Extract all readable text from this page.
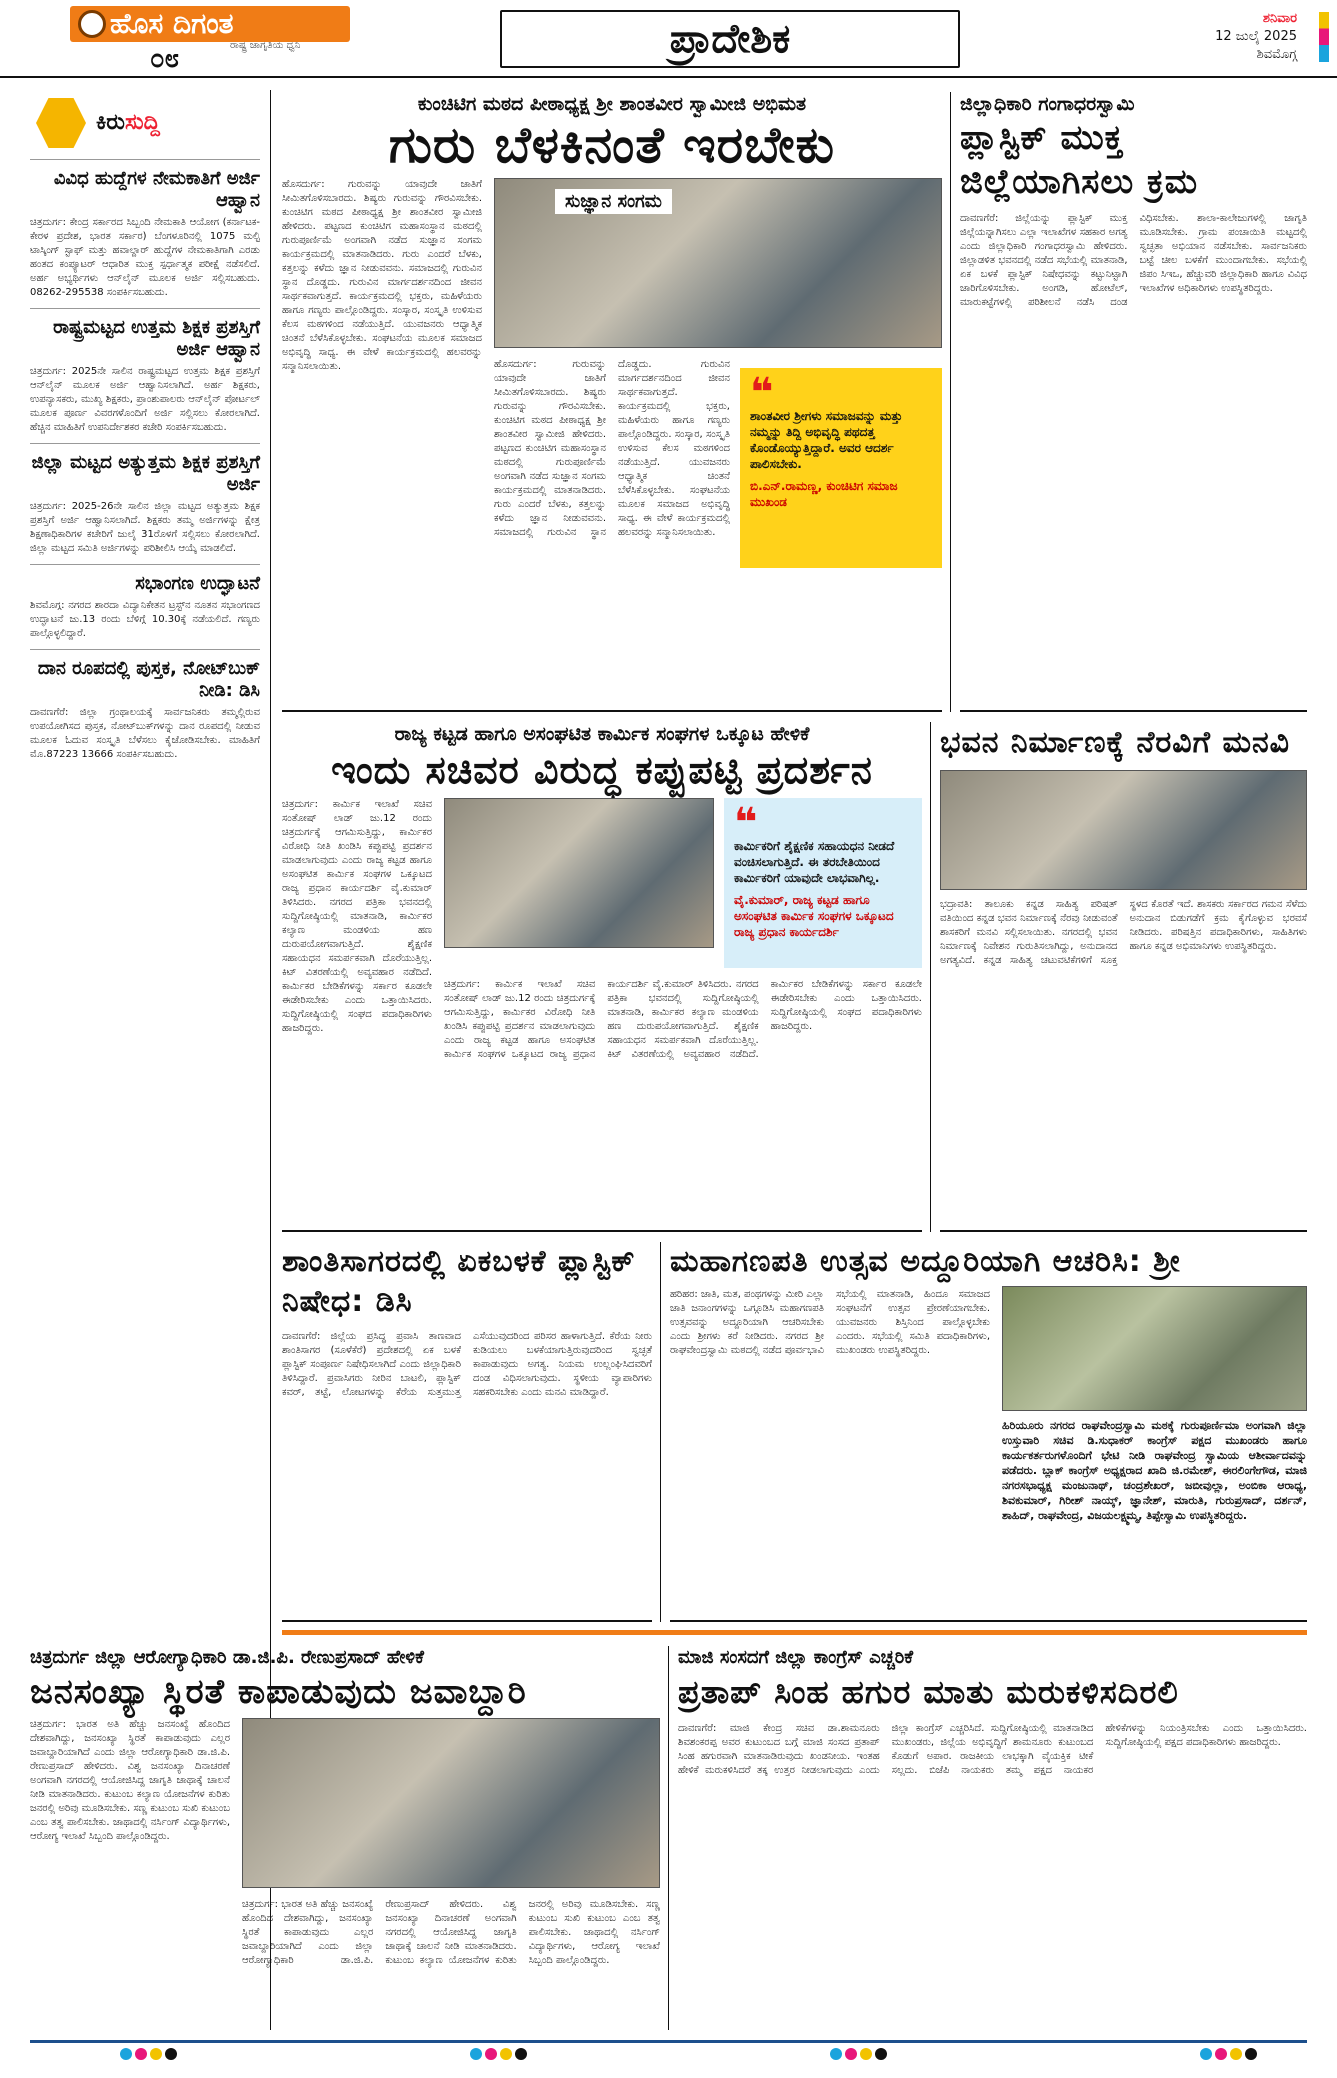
ಹೊಸ ದಿಗಂತ
ರಾಷ್ಟ್ರ ಜಾಗೃತಿಯ ಧ್ವನಿ
೦೮	ಪ್ರಾದೇಶಿಕ	ಶನಿವಾರ
12 ಜುಲೈ 2025
ಶಿವಮೊಗ್ಗ
ಕಿರುಸುದ್ದಿ
ವಿವಿಧ ಹುದ್ದೆಗಳ ನೇಮಕಾತಿಗೆ ಅರ್ಜಿ ಆಹ್ವಾನ

ಚಿತ್ರದುರ್ಗ: ಕೇಂದ್ರ ಸರ್ಕಾರದ ಸಿಬ್ಬಂದಿ ನೇಮಕಾತಿ ಆಯೋಗ (ಕರ್ನಾಟಕ-ಕೇರಳ ಪ್ರದೇಶ, ಭಾರತ ಸರ್ಕಾರ) ಬೆಂಗಳೂರಿನಲ್ಲಿ 1075 ಮಲ್ಟಿ ಟಾಸ್ಕಿಂಗ್ ಸ್ಟಾಫ್ ಮತ್ತು ಹವಾಲ್ದಾರ್ ಹುದ್ದೆಗಳ ನೇಮಕಾತಿಗಾಗಿ ಎರಡು ಹಂತದ ಕಂಪ್ಯೂಟರ್ ಆಧಾರಿತ ಮುಕ್ತ ಸ್ಪರ್ಧಾತ್ಮಕ ಪರೀಕ್ಷೆ ನಡೆಸಲಿದೆ. ಅರ್ಹ ಅಭ್ಯರ್ಥಿಗಳು ಆನ್‌ಲೈನ್ ಮೂಲಕ ಅರ್ಜಿ ಸಲ್ಲಿಸಬಹುದು. 08262-295538 ಸಂಪರ್ಕಿಸಬಹುದು.

ರಾಷ್ಟ್ರಮಟ್ಟದ ಉತ್ತಮ ಶಿಕ್ಷಕ ಪ್ರಶಸ್ತಿಗೆ ಅರ್ಜಿ ಆಹ್ವಾನ

ಚಿತ್ರದುರ್ಗ: 2025ನೇ ಸಾಲಿನ ರಾಷ್ಟ್ರಮಟ್ಟದ ಉತ್ತಮ ಶಿಕ್ಷಕ ಪ್ರಶಸ್ತಿಗೆ ಆನ್‌ಲೈನ್ ಮೂಲಕ ಅರ್ಜಿ ಆಹ್ವಾನಿಸಲಾಗಿದೆ. ಅರ್ಹ ಶಿಕ್ಷಕರು, ಉಪನ್ಯಾಸಕರು, ಮುಖ್ಯ ಶಿಕ್ಷಕರು, ಪ್ರಾಂಶುಪಾಲರು ಆನ್‌ಲೈನ್ ಪೋರ್ಟಲ್ ಮೂಲಕ ಪೂರ್ಣ ವಿವರಗಳೊಂದಿಗೆ ಅರ್ಜಿ ಸಲ್ಲಿಸಲು ಕೋರಲಾಗಿದೆ. ಹೆಚ್ಚಿನ ಮಾಹಿತಿಗೆ ಉಪನಿರ್ದೇಶಕರ ಕಚೇರಿ ಸಂಪರ್ಕಿಸಬಹುದು.

ಜಿಲ್ಲಾ ಮಟ್ಟದ ಅತ್ಯುತ್ತಮ ಶಿಕ್ಷಕ ಪ್ರಶಸ್ತಿಗೆ ಅರ್ಜಿ

ಚಿತ್ರದುರ್ಗ: 2025-26ನೇ ಸಾಲಿನ ಜಿಲ್ಲಾ ಮಟ್ಟದ ಅತ್ಯುತ್ತಮ ಶಿಕ್ಷಕ ಪ್ರಶಸ್ತಿಗೆ ಅರ್ಜಿ ಆಹ್ವಾನಿಸಲಾಗಿದೆ. ಶಿಕ್ಷಕರು ತಮ್ಮ ಅರ್ಜಿಗಳನ್ನು ಕ್ಷೇತ್ರ ಶಿಕ್ಷಣಾಧಿಕಾರಿಗಳ ಕಚೇರಿಗೆ ಜುಲೈ 31ರೊಳಗೆ ಸಲ್ಲಿಸಲು ಕೋರಲಾಗಿದೆ. ಜಿಲ್ಲಾ ಮಟ್ಟದ ಸಮಿತಿ ಅರ್ಜಿಗಳನ್ನು ಪರಿಶೀಲಿಸಿ ಆಯ್ಕೆ ಮಾಡಲಿದೆ.

ಸಭಾಂಗಣ ಉದ್ಘಾಟನೆ

ಶಿವಮೊಗ್ಗ: ನಗರದ ಶಾರದಾ ವಿದ್ಯಾನಿಕೇತನ ಟ್ರಸ್ಟ್‌ನ ನೂತನ ಸಭಾಂಗಣದ ಉದ್ಘಾಟನೆ ಜು.13 ರಂದು ಬೆಳಿಗ್ಗೆ 10.30ಕ್ಕೆ ನಡೆಯಲಿದೆ. ಗಣ್ಯರು ಪಾಲ್ಗೊಳ್ಳಲಿದ್ದಾರೆ.

ದಾನ ರೂಪದಲ್ಲಿ ಪುಸ್ತಕ, ನೋಟ್‌ಬುಕ್ ನೀಡಿ: ಡಿಸಿ

ದಾವಣಗೆರೆ: ಜಿಲ್ಲಾ ಗ್ರಂಥಾಲಯಕ್ಕೆ ಸಾರ್ವಜನಿಕರು ತಮ್ಮಲ್ಲಿರುವ ಉಪಯೋಗಿಸದ ಪುಸ್ತಕ, ನೋಟ್‌ಬುಕ್‌ಗಳನ್ನು ದಾನ ರೂಪದಲ್ಲಿ ನೀಡುವ ಮೂಲಕ ಓದುವ ಸಂಸ್ಕೃತಿ ಬೆಳೆಸಲು ಕೈಜೋಡಿಸಬೇಕು. ಮಾಹಿತಿಗೆ ಮೊ.87223 13666 ಸಂಪರ್ಕಿಸಬಹುದು.

ಕುಂಚಿಟಿಗ ಮಠದ ಪೀಠಾಧ್ಯಕ್ಷ ಶ್ರೀ ಶಾಂತವೀರ ಸ್ವಾಮೀಜಿ ಅಭಿಮತ
ಗುರು ಬೆಳಕಿನಂತೆ ಇರಬೇಕು
ಹೊಸದುರ್ಗ: ಗುರುವನ್ನು ಯಾವುದೇ ಜಾತಿಗೆ ಸೀಮಿತಗೊಳಿಸಬಾರದು. ಶಿಷ್ಯರು ಗುರುವನ್ನು ಗೌರವಿಸಬೇಕು. ಕುಂಚಿಟಿಗ ಮಠದ ಪೀಠಾಧ್ಯಕ್ಷ ಶ್ರೀ ಶಾಂತವೀರ ಸ್ವಾಮೀಜಿ ಹೇಳಿದರು. ಪಟ್ಟಣದ ಕುಂಚಿಟಿಗ ಮಹಾಸಂಸ್ಥಾನ ಮಠದಲ್ಲಿ ಗುರುಪೂರ್ಣಿಮೆ ಅಂಗವಾಗಿ ನಡೆದ ಸುಜ್ಞಾನ ಸಂಗಮ ಕಾರ್ಯಕ್ರಮದಲ್ಲಿ ಮಾತನಾಡಿದರು. ಗುರು ಎಂದರೆ ಬೆಳಕು, ಕತ್ತಲನ್ನು ಕಳೆದು ಜ್ಞಾನ ನೀಡುವವನು. ಸಮಾಜದಲ್ಲಿ ಗುರುವಿನ ಸ್ಥಾನ ದೊಡ್ಡದು. ಗುರುವಿನ ಮಾರ್ಗದರ್ಶನದಿಂದ ಜೀವನ ಸಾರ್ಥಕವಾಗುತ್ತದೆ. ಕಾರ್ಯಕ್ರಮದಲ್ಲಿ ಭಕ್ತರು, ಮಹಿಳೆಯರು ಹಾಗೂ ಗಣ್ಯರು ಪಾಲ್ಗೊಂಡಿದ್ದರು. ಸಂಸ್ಕಾರ, ಸಂಸ್ಕೃತಿ ಉಳಿಸುವ ಕೆಲಸ ಮಠಗಳಿಂದ ನಡೆಯುತ್ತಿದೆ. ಯುವಜನರು ಆಧ್ಯಾತ್ಮಿಕ ಚಿಂತನೆ ಬೆಳೆಸಿಕೊಳ್ಳಬೇಕು. ಸಂಘಟನೆಯ ಮೂಲಕ ಸಮಾಜದ ಅಭಿವೃದ್ಧಿ ಸಾಧ್ಯ. ಈ ವೇಳೆ ಕಾರ್ಯಕ್ರಮದಲ್ಲಿ ಹಲವರನ್ನು ಸನ್ಮಾನಿಸಲಾಯಿತು.
ಸುಜ್ಞಾನ ಸಂಗಮ
ಹೊಸದುರ್ಗ: ಗುರುವನ್ನು ಯಾವುದೇ ಜಾತಿಗೆ ಸೀಮಿತಗೊಳಿಸಬಾರದು. ಶಿಷ್ಯರು ಗುರುವನ್ನು ಗೌರವಿಸಬೇಕು. ಕುಂಚಿಟಿಗ ಮಠದ ಪೀಠಾಧ್ಯಕ್ಷ ಶ್ರೀ ಶಾಂತವೀರ ಸ್ವಾಮೀಜಿ ಹೇಳಿದರು. ಪಟ್ಟಣದ ಕುಂಚಿಟಿಗ ಮಹಾಸಂಸ್ಥಾನ ಮಠದಲ್ಲಿ ಗುರುಪೂರ್ಣಿಮೆ ಅಂಗವಾಗಿ ನಡೆದ ಸುಜ್ಞಾನ ಸಂಗಮ ಕಾರ್ಯಕ್ರಮದಲ್ಲಿ ಮಾತನಾಡಿದರು. ಗುರು ಎಂದರೆ ಬೆಳಕು, ಕತ್ತಲನ್ನು ಕಳೆದು ಜ್ಞಾನ ನೀಡುವವನು. ಸಮಾಜದಲ್ಲಿ ಗುರುವಿನ ಸ್ಥಾನ ದೊಡ್ಡದು. ಗುರುವಿನ ಮಾರ್ಗದರ್ಶನದಿಂದ ಜೀವನ ಸಾರ್ಥಕವಾಗುತ್ತದೆ. ಕಾರ್ಯಕ್ರಮದಲ್ಲಿ ಭಕ್ತರು, ಮಹಿಳೆಯರು ಹಾಗೂ ಗಣ್ಯರು ಪಾಲ್ಗೊಂಡಿದ್ದರು. ಸಂಸ್ಕಾರ, ಸಂಸ್ಕೃತಿ ಉಳಿಸುವ ಕೆಲಸ ಮಠಗಳಿಂದ ನಡೆಯುತ್ತಿದೆ. ಯುವಜನರು ಆಧ್ಯಾತ್ಮಿಕ ಚಿಂತನೆ ಬೆಳೆಸಿಕೊಳ್ಳಬೇಕು. ಸಂಘಟನೆಯ ಮೂಲಕ ಸಮಾಜದ ಅಭಿವೃದ್ಧಿ ಸಾಧ್ಯ. ಈ ವೇಳೆ ಕಾರ್ಯಕ್ರಮದಲ್ಲಿ ಹಲವರನ್ನು ಸನ್ಮಾನಿಸಲಾಯಿತು.
❝
ಶಾಂತವೀರ ಶ್ರೀಗಳು ಸಮಾಜವನ್ನು ಮತ್ತು ನಮ್ಮನ್ನು ತಿದ್ದಿ ಅಭಿವೃದ್ಧಿ ಪಥದತ್ತ ಕೊಂಡೊಯ್ಯುತ್ತಿದ್ದಾರೆ. ಅವರ ಆದರ್ಶ ಪಾಲಿಸಬೇಕು.
ಬಿ.ಎನ್.ರಾಮಣ್ಣ, ಕುಂಚಿಟಿಗ ಸಮಾಜ ಮುಖಂಡ
ಜಿಲ್ಲಾಧಿಕಾರಿ ಗಂಗಾಧರಸ್ವಾಮಿ
ಪ್ಲಾಸ್ಟಿಕ್ ಮುಕ್ತ ಜಿಲ್ಲೆಯಾಗಿಸಲು ಕ್ರಮ
ದಾವಣಗೆರೆ: ಜಿಲ್ಲೆಯನ್ನು ಪ್ಲಾಸ್ಟಿಕ್ ಮುಕ್ತ ಜಿಲ್ಲೆಯನ್ನಾಗಿಸಲು ಎಲ್ಲಾ ಇಲಾಖೆಗಳ ಸಹಕಾರ ಅಗತ್ಯ ಎಂದು ಜಿಲ್ಲಾಧಿಕಾರಿ ಗಂಗಾಧರಸ್ವಾಮಿ ಹೇಳಿದರು. ಜಿಲ್ಲಾಡಳಿತ ಭವನದಲ್ಲಿ ನಡೆದ ಸಭೆಯಲ್ಲಿ ಮಾತನಾಡಿ, ಏಕ ಬಳಕೆ ಪ್ಲಾಸ್ಟಿಕ್ ನಿಷೇಧವನ್ನು ಕಟ್ಟುನಿಟ್ಟಾಗಿ ಜಾರಿಗೊಳಿಸಬೇಕು. ಅಂಗಡಿ, ಹೋಟೆಲ್, ಮಾರುಕಟ್ಟೆಗಳಲ್ಲಿ ಪರಿಶೀಲನೆ ನಡೆಸಿ ದಂಡ ವಿಧಿಸಬೇಕು. ಶಾಲಾ-ಕಾಲೇಜುಗಳಲ್ಲಿ ಜಾಗೃತಿ ಮೂಡಿಸಬೇಕು. ಗ್ರಾಮ ಪಂಚಾಯಿತಿ ಮಟ್ಟದಲ್ಲಿ ಸ್ವಚ್ಛತಾ ಅಭಿಯಾನ ನಡೆಸಬೇಕು. ಸಾರ್ವಜನಿಕರು ಬಟ್ಟೆ ಚೀಲ ಬಳಕೆಗೆ ಮುಂದಾಗಬೇಕು. ಸಭೆಯಲ್ಲಿ ಜಿಪಂ ಸಿಇಒ, ಹೆಚ್ಚುವರಿ ಜಿಲ್ಲಾಧಿಕಾರಿ ಹಾಗೂ ವಿವಿಧ ಇಲಾಖೆಗಳ ಅಧಿಕಾರಿಗಳು ಉಪಸ್ಥಿತರಿದ್ದರು.
ರಾಜ್ಯ ಕಟ್ಟಡ ಹಾಗೂ ಅಸಂಘಟಿತ ಕಾರ್ಮಿಕ ಸಂಘಗಳ ಒಕ್ಕೂಟ ಹೇಳಿಕೆ
ಇಂದು ಸಚಿವರ ವಿರುದ್ಧ ಕಪ್ಪುಪಟ್ಟಿ ಪ್ರದರ್ಶನ
ಚಿತ್ರದುರ್ಗ: ಕಾರ್ಮಿಕ ಇಲಾಖೆ ಸಚಿವ ಸಂತೋಷ್ ಲಾಡ್ ಜು.12 ರಂದು ಚಿತ್ರದುರ್ಗಕ್ಕೆ ಆಗಮಿಸುತ್ತಿದ್ದು, ಕಾರ್ಮಿಕರ ವಿರೋಧಿ ನೀತಿ ಖಂಡಿಸಿ ಕಪ್ಪುಪಟ್ಟಿ ಪ್ರದರ್ಶನ ಮಾಡಲಾಗುವುದು ಎಂದು ರಾಜ್ಯ ಕಟ್ಟಡ ಹಾಗೂ ಅಸಂಘಟಿತ ಕಾರ್ಮಿಕ ಸಂಘಗಳ ಒಕ್ಕೂಟದ ರಾಜ್ಯ ಪ್ರಧಾನ ಕಾರ್ಯದರ್ಶಿ ವೈ.ಕುಮಾರ್ ತಿಳಿಸಿದರು. ನಗರದ ಪತ್ರಿಕಾ ಭವನದಲ್ಲಿ ಸುದ್ದಿಗೋಷ್ಠಿಯಲ್ಲಿ ಮಾತನಾಡಿ, ಕಾರ್ಮಿಕರ ಕಲ್ಯಾಣ ಮಂಡಳಿಯ ಹಣ ದುರುಪಯೋಗವಾಗುತ್ತಿದೆ. ಶೈಕ್ಷಣಿಕ ಸಹಾಯಧನ ಸಮರ್ಪಕವಾಗಿ ದೊರೆಯುತ್ತಿಲ್ಲ. ಕಿಟ್ ವಿತರಣೆಯಲ್ಲಿ ಅವ್ಯವಹಾರ ನಡೆದಿದೆ. ಕಾರ್ಮಿಕರ ಬೇಡಿಕೆಗಳನ್ನು ಸರ್ಕಾರ ಕೂಡಲೇ ಈಡೇರಿಸಬೇಕು ಎಂದು ಒತ್ತಾಯಿಸಿದರು. ಸುದ್ದಿಗೋಷ್ಠಿಯಲ್ಲಿ ಸಂಘದ ಪದಾಧಿಕಾರಿಗಳು ಹಾಜರಿದ್ದರು.
❝
ಕಾರ್ಮಿಕರಿಗೆ ಶೈಕ್ಷಣಿಕ ಸಹಾಯಧನ ನೀಡದೆ ವಂಚಿಸಲಾಗುತ್ತಿದೆ. ಈ ತರಬೇತಿಯಿಂದ ಕಾರ್ಮಿಕರಿಗೆ ಯಾವುದೇ ಲಾಭವಾಗಿಲ್ಲ.
ವೈ.ಕುಮಾರ್, ರಾಜ್ಯ ಕಟ್ಟಡ ಹಾಗೂ ಅಸಂಘಟಿತ ಕಾರ್ಮಿಕ ಸಂಘಗಳ ಒಕ್ಕೂಟದ ರಾಜ್ಯ ಪ್ರಧಾನ ಕಾರ್ಯದರ್ಶಿ
ಚಿತ್ರದುರ್ಗ: ಕಾರ್ಮಿಕ ಇಲಾಖೆ ಸಚಿವ ಸಂತೋಷ್ ಲಾಡ್ ಜು.12 ರಂದು ಚಿತ್ರದುರ್ಗಕ್ಕೆ ಆಗಮಿಸುತ್ತಿದ್ದು, ಕಾರ್ಮಿಕರ ವಿರೋಧಿ ನೀತಿ ಖಂಡಿಸಿ ಕಪ್ಪುಪಟ್ಟಿ ಪ್ರದರ್ಶನ ಮಾಡಲಾಗುವುದು ಎಂದು ರಾಜ್ಯ ಕಟ್ಟಡ ಹಾಗೂ ಅಸಂಘಟಿತ ಕಾರ್ಮಿಕ ಸಂಘಗಳ ಒಕ್ಕೂಟದ ರಾಜ್ಯ ಪ್ರಧಾನ ಕಾರ್ಯದರ್ಶಿ ವೈ.ಕುಮಾರ್ ತಿಳಿಸಿದರು. ನಗರದ ಪತ್ರಿಕಾ ಭವನದಲ್ಲಿ ಸುದ್ದಿಗೋಷ್ಠಿಯಲ್ಲಿ ಮಾತನಾಡಿ, ಕಾರ್ಮಿಕರ ಕಲ್ಯಾಣ ಮಂಡಳಿಯ ಹಣ ದುರುಪಯೋಗವಾಗುತ್ತಿದೆ. ಶೈಕ್ಷಣಿಕ ಸಹಾಯಧನ ಸಮರ್ಪಕವಾಗಿ ದೊರೆಯುತ್ತಿಲ್ಲ. ಕಿಟ್ ವಿತರಣೆಯಲ್ಲಿ ಅವ್ಯವಹಾರ ನಡೆದಿದೆ. ಕಾರ್ಮಿಕರ ಬೇಡಿಕೆಗಳನ್ನು ಸರ್ಕಾರ ಕೂಡಲೇ ಈಡೇರಿಸಬೇಕು ಎಂದು ಒತ್ತಾಯಿಸಿದರು. ಸುದ್ದಿಗೋಷ್ಠಿಯಲ್ಲಿ ಸಂಘದ ಪದಾಧಿಕಾರಿಗಳು ಹಾಜರಿದ್ದರು.
ಭವನ ನಿರ್ಮಾಣಕ್ಕೆ ನೆರವಿಗೆ ಮನವಿ
ಭದ್ರಾವತಿ: ತಾಲೂಕು ಕನ್ನಡ ಸಾಹಿತ್ಯ ಪರಿಷತ್ ವತಿಯಿಂದ ಕನ್ನಡ ಭವನ ನಿರ್ಮಾಣಕ್ಕೆ ನೆರವು ನೀಡುವಂತೆ ಶಾಸಕರಿಗೆ ಮನವಿ ಸಲ್ಲಿಸಲಾಯಿತು. ನಗರದಲ್ಲಿ ಭವನ ನಿರ್ಮಾಣಕ್ಕೆ ನಿವೇಶನ ಗುರುತಿಸಲಾಗಿದ್ದು, ಅನುದಾನದ ಅಗತ್ಯವಿದೆ. ಕನ್ನಡ ಸಾಹಿತ್ಯ ಚಟುವಟಿಕೆಗಳಿಗೆ ಸೂಕ್ತ ಸ್ಥಳದ ಕೊರತೆ ಇದೆ. ಶಾಸಕರು ಸರ್ಕಾರದ ಗಮನ ಸೆಳೆದು ಅನುದಾನ ಬಿಡುಗಡೆಗೆ ಕ್ರಮ ಕೈಗೊಳ್ಳುವ ಭರವಸೆ ನೀಡಿದರು. ಪರಿಷತ್ತಿನ ಪದಾಧಿಕಾರಿಗಳು, ಸಾಹಿತಿಗಳು ಹಾಗೂ ಕನ್ನಡ ಅಭಿಮಾನಿಗಳು ಉಪಸ್ಥಿತರಿದ್ದರು.
ಶಾಂತಿಸಾಗರದಲ್ಲಿ ಏಕಬಳಕೆ ಪ್ಲಾಸ್ಟಿಕ್ ನಿಷೇಧ: ಡಿಸಿ
ದಾವಣಗೆರೆ: ಜಿಲ್ಲೆಯ ಪ್ರಸಿದ್ಧ ಪ್ರವಾಸಿ ತಾಣವಾದ ಶಾಂತಿಸಾಗರ (ಸೂಳೆಕೆರೆ) ಪ್ರದೇಶದಲ್ಲಿ ಏಕ ಬಳಕೆ ಪ್ಲಾಸ್ಟಿಕ್ ಸಂಪೂರ್ಣ ನಿಷೇಧಿಸಲಾಗಿದೆ ಎಂದು ಜಿಲ್ಲಾಧಿಕಾರಿ ತಿಳಿಸಿದ್ದಾರೆ. ಪ್ರವಾಸಿಗರು ನೀರಿನ ಬಾಟಲಿ, ಪ್ಲಾಸ್ಟಿಕ್ ಕವರ್, ತಟ್ಟೆ, ಲೋಟಗಳನ್ನು ಕೆರೆಯ ಸುತ್ತಮುತ್ತ ಎಸೆಯುವುದರಿಂದ ಪರಿಸರ ಹಾಳಾಗುತ್ತಿದೆ. ಕೆರೆಯ ನೀರು ಕುಡಿಯಲು ಬಳಕೆಯಾಗುತ್ತಿರುವುದರಿಂದ ಸ್ವಚ್ಛತೆ ಕಾಪಾಡುವುದು ಅಗತ್ಯ. ನಿಯಮ ಉಲ್ಲಂಘಿಸಿದವರಿಗೆ ದಂಡ ವಿಧಿಸಲಾಗುವುದು. ಸ್ಥಳೀಯ ವ್ಯಾಪಾರಿಗಳು ಸಹಕರಿಸಬೇಕು ಎಂದು ಮನವಿ ಮಾಡಿದ್ದಾರೆ.
ಮಹಾಗಣಪತಿ ಉತ್ಸವ ಅದ್ದೂರಿಯಾಗಿ ಆಚರಿಸಿ: ಶ್ರೀ
ಹರಿಹರ: ಜಾತಿ, ಮತ, ಪಂಥಗಳನ್ನು ಮೀರಿ ಎಲ್ಲಾ ಜಾತಿ ಜನಾಂಗಗಳನ್ನು ಒಗ್ಗೂಡಿಸಿ ಮಹಾಗಣಪತಿ ಉತ್ಸವವನ್ನು ಅದ್ದೂರಿಯಾಗಿ ಆಚರಿಸಬೇಕು ಎಂದು ಶ್ರೀಗಳು ಕರೆ ನೀಡಿದರು. ನಗರದ ಶ್ರೀ ರಾಘವೇಂದ್ರಸ್ವಾಮಿ ಮಠದಲ್ಲಿ ನಡೆದ ಪೂರ್ವಭಾವಿ ಸಭೆಯಲ್ಲಿ ಮಾತನಾಡಿ, ಹಿಂದೂ ಸಮಾಜದ ಸಂಘಟನೆಗೆ ಉತ್ಸವ ಪ್ರೇರಣೆಯಾಗಬೇಕು. ಯುವಜನರು ಶಿಸ್ತಿನಿಂದ ಪಾಲ್ಗೊಳ್ಳಬೇಕು ಎಂದರು. ಸಭೆಯಲ್ಲಿ ಸಮಿತಿ ಪದಾಧಿಕಾರಿಗಳು, ಮುಖಂಡರು ಉಪಸ್ಥಿತರಿದ್ದರು.
ಹಿರಿಯೂರು ನಗರದ ರಾಘವೇಂದ್ರಸ್ವಾಮಿ ಮಠಕ್ಕೆ ಗುರುಪೂರ್ಣಿಮಾ ಅಂಗವಾಗಿ ಜಿಲ್ಲಾ ಉಸ್ತುವಾರಿ ಸಚಿವ ಡಿ.ಸುಧಾಕರ್ ಕಾಂಗ್ರೆಸ್ ಪಕ್ಷದ ಮುಖಂಡರು ಹಾಗೂ ಕಾರ್ಯಕರ್ತರುಗಳೊಂದಿಗೆ ಭೇಟಿ ನೀಡಿ ರಾಘವೇಂದ್ರ ಸ್ವಾಮಿಯ ಆಶೀರ್ವಾದವನ್ನು ಪಡೆದರು. ಬ್ಲಾಕ್ ಕಾಂಗ್ರೆಸ್ ಅಧ್ಯಕ್ಷರಾದ ಖಾದಿ ಜಿ.ರಮೇಶ್, ಈರಲಿಂಗೇಗೌಡ, ಮಾಜಿ ನಗರಸಭಾಧ್ಯಕ್ಷ ಮಂಜುನಾಥ್, ಚಂದ್ರಶೇಖರ್, ಜಬೀವುಲ್ಲಾ, ಅಂಬಿಕಾ ಆರಾಧ್ಯ, ಶಿವಕುಮಾರ್, ಗಿರೀಶ್ ನಾಯ್ಕ್, ಜ್ಞಾನೇಶ್, ಮಾರುತಿ, ಗುರುಪ್ರಸಾದ್, ದರ್ಶನ್, ಶಾಹಿದ್, ರಾಘವೇಂದ್ರ, ವಿಜಯಲಕ್ಷ್ಮಮ್ಮ, ತಿಪ್ಪೇಸ್ವಾಮಿ ಉಪಸ್ಥಿತರಿದ್ದರು.
ಚಿತ್ರದುರ್ಗ ಜಿಲ್ಲಾ ಆರೋಗ್ಯಾಧಿಕಾರಿ ಡಾ.ಜಿ.ಪಿ. ರೇಣುಪ್ರಸಾದ್ ಹೇಳಿಕೆ
ಜನಸಂಖ್ಯಾ ಸ್ಥಿರತೆ ಕಾಪಾಡುವುದು ಜವಾಬ್ದಾರಿ
ಚಿತ್ರದುರ್ಗ: ಭಾರತ ಅತಿ ಹೆಚ್ಚು ಜನಸಂಖ್ಯೆ ಹೊಂದಿದ ದೇಶವಾಗಿದ್ದು, ಜನಸಂಖ್ಯಾ ಸ್ಥಿರತೆ ಕಾಪಾಡುವುದು ಎಲ್ಲರ ಜವಾಬ್ದಾರಿಯಾಗಿದೆ ಎಂದು ಜಿಲ್ಲಾ ಆರೋಗ್ಯಾಧಿಕಾರಿ ಡಾ.ಜಿ.ಪಿ. ರೇಣುಪ್ರಸಾದ್ ಹೇಳಿದರು. ವಿಶ್ವ ಜನಸಂಖ್ಯಾ ದಿನಾಚರಣೆ ಅಂಗವಾಗಿ ನಗರದಲ್ಲಿ ಆಯೋಜಿಸಿದ್ದ ಜಾಗೃತಿ ಜಾಥಾಕ್ಕೆ ಚಾಲನೆ ನೀಡಿ ಮಾತನಾಡಿದರು. ಕುಟುಂಬ ಕಲ್ಯಾಣ ಯೋಜನೆಗಳ ಕುರಿತು ಜನರಲ್ಲಿ ಅರಿವು ಮೂಡಿಸಬೇಕು. ಸಣ್ಣ ಕುಟುಂಬ ಸುಖಿ ಕುಟುಂಬ ಎಂಬ ತತ್ವ ಪಾಲಿಸಬೇಕು. ಜಾಥಾದಲ್ಲಿ ನರ್ಸಿಂಗ್ ವಿದ್ಯಾರ್ಥಿಗಳು, ಆರೋಗ್ಯ ಇಲಾಖೆ ಸಿಬ್ಬಂದಿ ಪಾಲ್ಗೊಂಡಿದ್ದರು.
ಚಿತ್ರದುರ್ಗ: ಭಾರತ ಅತಿ ಹೆಚ್ಚು ಜನಸಂಖ್ಯೆ ಹೊಂದಿದ ದೇಶವಾಗಿದ್ದು, ಜನಸಂಖ್ಯಾ ಸ್ಥಿರತೆ ಕಾಪಾಡುವುದು ಎಲ್ಲರ ಜವಾಬ್ದಾರಿಯಾಗಿದೆ ಎಂದು ಜಿಲ್ಲಾ ಆರೋಗ್ಯಾಧಿಕಾರಿ ಡಾ.ಜಿ.ಪಿ. ರೇಣುಪ್ರಸಾದ್ ಹೇಳಿದರು. ವಿಶ್ವ ಜನಸಂಖ್ಯಾ ದಿನಾಚರಣೆ ಅಂಗವಾಗಿ ನಗರದಲ್ಲಿ ಆಯೋಜಿಸಿದ್ದ ಜಾಗೃತಿ ಜಾಥಾಕ್ಕೆ ಚಾಲನೆ ನೀಡಿ ಮಾತನಾಡಿದರು. ಕುಟುಂಬ ಕಲ್ಯಾಣ ಯೋಜನೆಗಳ ಕುರಿತು ಜನರಲ್ಲಿ ಅರಿವು ಮೂಡಿಸಬೇಕು. ಸಣ್ಣ ಕುಟುಂಬ ಸುಖಿ ಕುಟುಂಬ ಎಂಬ ತತ್ವ ಪಾಲಿಸಬೇಕು. ಜಾಥಾದಲ್ಲಿ ನರ್ಸಿಂಗ್ ವಿದ್ಯಾರ್ಥಿಗಳು, ಆರೋಗ್ಯ ಇಲಾಖೆ ಸಿಬ್ಬಂದಿ ಪಾಲ್ಗೊಂಡಿದ್ದರು.
ಮಾಜಿ ಸಂಸದಗೆ ಜಿಲ್ಲಾ ಕಾಂಗ್ರೆಸ್ ಎಚ್ಚರಿಕೆ
ಪ್ರತಾಪ್ ಸಿಂಹ ಹಗುರ ಮಾತು ಮರುಕಳಿಸದಿರಲಿ
ದಾವಣಗೆರೆ: ಮಾಜಿ ಕೇಂದ್ರ ಸಚಿವ ಡಾ.ಶಾಮನೂರು ಶಿವಶಂಕರಪ್ಪ ಅವರ ಕುಟುಂಬದ ಬಗ್ಗೆ ಮಾಜಿ ಸಂಸದ ಪ್ರತಾಪ್ ಸಿಂಹ ಹಗುರವಾಗಿ ಮಾತನಾಡಿರುವುದು ಖಂಡನೀಯ. ಇಂತಹ ಹೇಳಿಕೆ ಮರುಕಳಿಸಿದರೆ ತಕ್ಕ ಉತ್ತರ ನೀಡಲಾಗುವುದು ಎಂದು ಜಿಲ್ಲಾ ಕಾಂಗ್ರೆಸ್ ಎಚ್ಚರಿಸಿದೆ. ಸುದ್ದಿಗೋಷ್ಠಿಯಲ್ಲಿ ಮಾತನಾಡಿದ ಮುಖಂಡರು, ಜಿಲ್ಲೆಯ ಅಭಿವೃದ್ಧಿಗೆ ಶಾಮನೂರು ಕುಟುಂಬದ ಕೊಡುಗೆ ಅಪಾರ. ರಾಜಕೀಯ ಲಾಭಕ್ಕಾಗಿ ವೈಯಕ್ತಿಕ ಟೀಕೆ ಸಲ್ಲದು. ಬಿಜೆಪಿ ನಾಯಕರು ತಮ್ಮ ಪಕ್ಷದ ನಾಯಕರ ಹೇಳಿಕೆಗಳನ್ನು ನಿಯಂತ್ರಿಸಬೇಕು ಎಂದು ಒತ್ತಾಯಿಸಿದರು. ಸುದ್ದಿಗೋಷ್ಠಿಯಲ್ಲಿ ಪಕ್ಷದ ಪದಾಧಿಕಾರಿಗಳು ಹಾಜರಿದ್ದರು.
